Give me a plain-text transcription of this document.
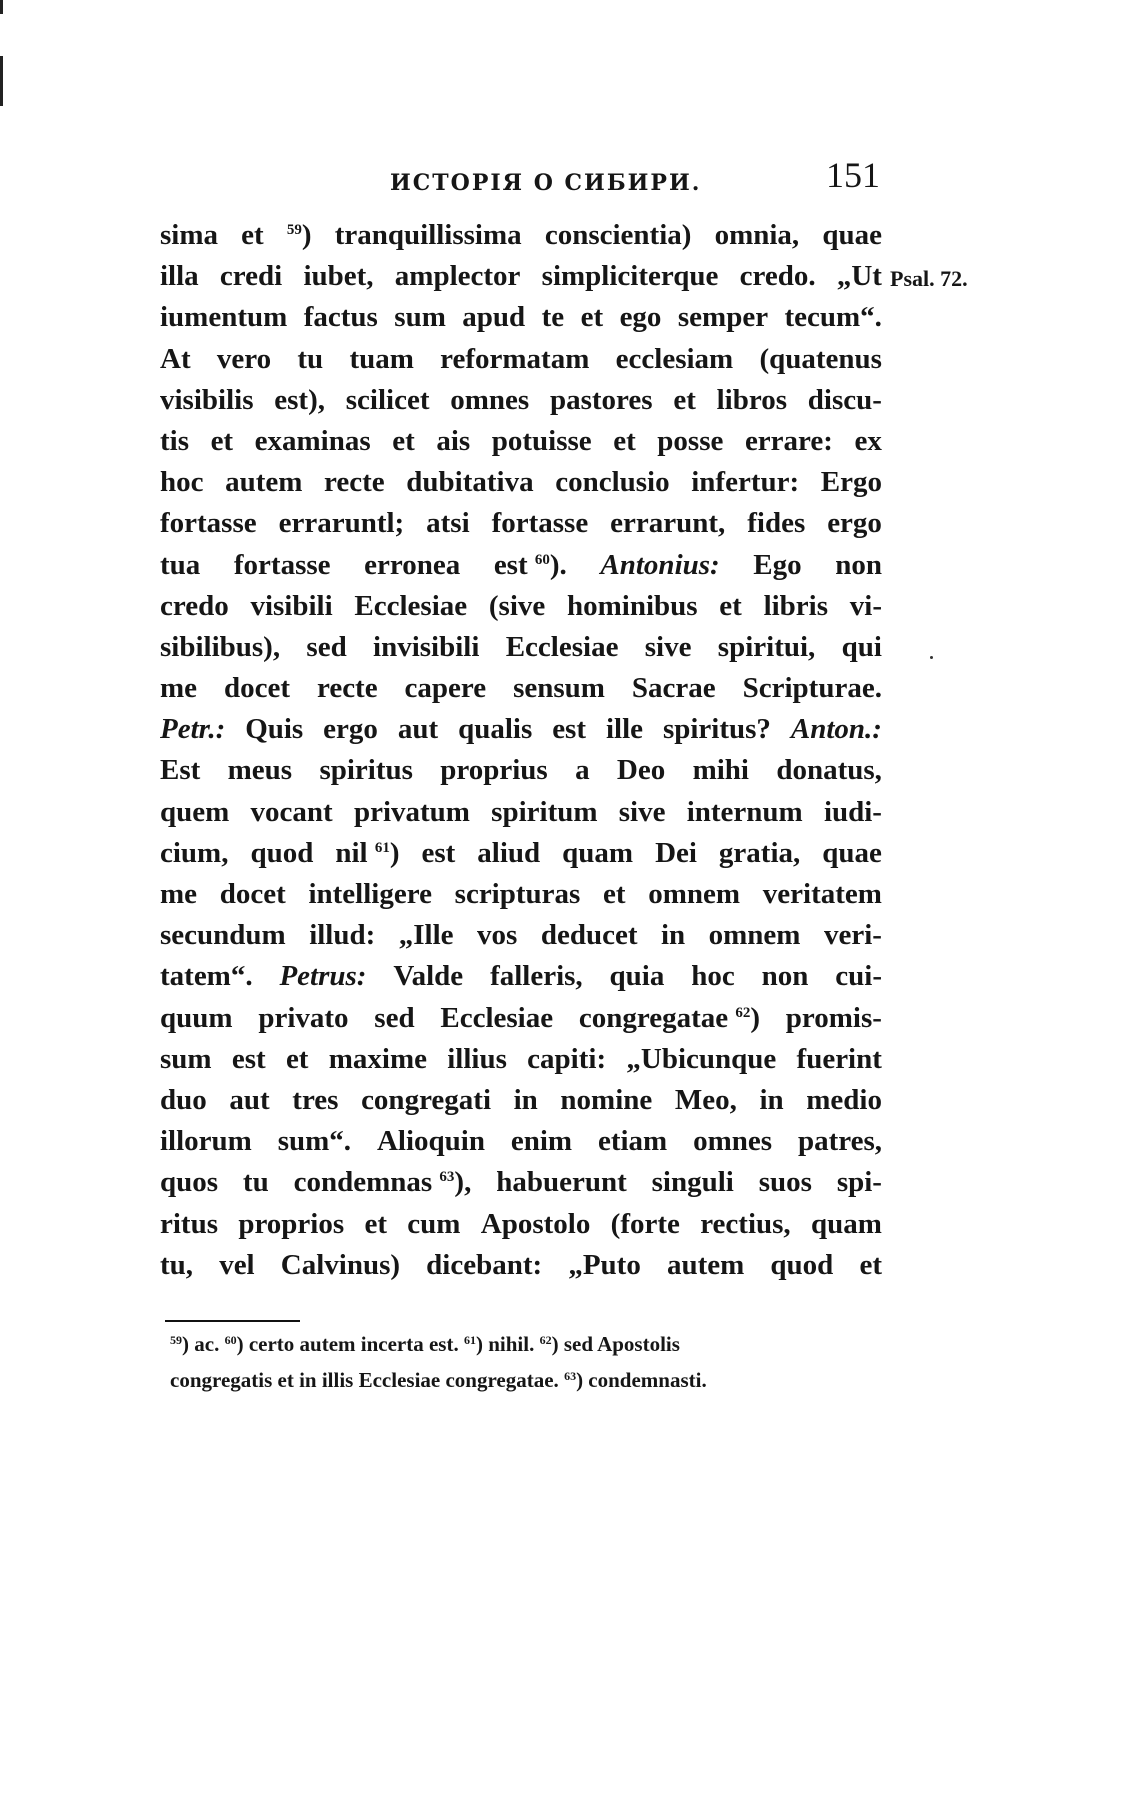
ИСТОРІЯ О СИБИРИ.	151
Psal. 72.
sima et $^{59}$) tranquillissima conscientia) omnia, quae
illa credi iubet, amplector simpliciterque credo. „Ut
iumentum factus sum apud te et ego semper tecum“.
At vero tu tuam reformatam ecclesiam (quatenus
visibilis est), scilicet omnes pastores et libros discu-
tis et examinas et ais potuisse et posse errare: ex
hoc autem recte dubitativa conclusio infertur: Ergo
fortasse erraruntl; atsi fortasse errarunt, fides ergo
tua fortasse erronea est $^{60}$). Antonius: Ego non
credo visibili Ecclesiae (sive hominibus et libris vi-
sibilibus), sed invisibili Ecclesiae sive spiritui, qui
me docet recte capere sensum Sacrae Scripturae.
Petr.: Quis ergo aut qualis est ille spiritus? Anton.:
Est meus spiritus proprius a Deo mihi donatus,
quem vocant privatum spiritum sive internum iudi-
cium, quod nil $^{61}$) est aliud quam Dei gratia, quae
me docet intelligere scripturas et omnem veritatem
secundum illud: „Ille vos deducet in omnem veri-
tatem“. Petrus: Valde falleris, quia hoc non cui-
quum privato sed Ecclesiae congregatae $^{62}$) promis-
sum est et maxime illius capiti: „Ubicunque fuerint
duo aut tres congregati in nomine Meo, in medio
illorum sum“. Alioquin enim etiam omnes patres,
quos tu condemnas $^{63}$), habuerunt singuli suos spi-
ritus proprios et cum Apostolo (forte rectius, quam
tu, vel Calvinus) dicebant: „Puto autem quod et
$^{59}$) ac. $^{60}$) certo autem incerta est. $^{61}$) nihil. $^{62}$) sed Apostolis
congregatis et in illis Ecclesiae congregatae. $^{63}$) condemnasti.
